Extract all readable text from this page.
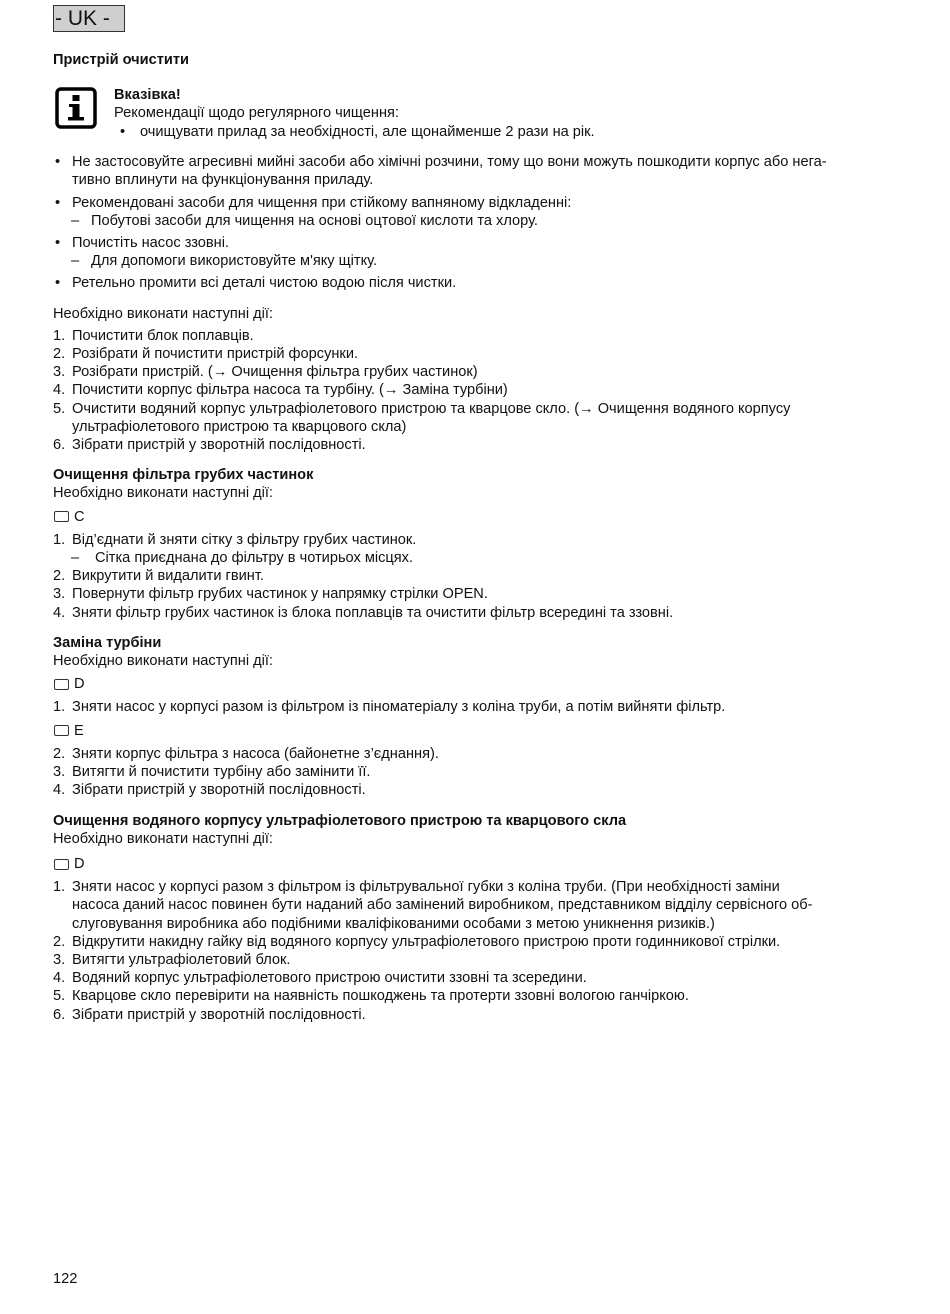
- UK -

Пристрій очистити

Вказівка!
Рекомендації щодо регулярного чищення:
• очищувати прилад за необхідності, але щонайменше 2 рази на рік.
• Не застосовуйте агресивні мийні засоби або хімічні розчини, тому що вони можуть пошкодити корпус або нега-
тивно вплинути на функціонування приладу.
• Рекомендовані засоби для чищення при стійкому вапняному відкладенні:
– Побутові засоби для чищення на основі оцтової кислоти та хлору.
• Почистіть насос ззовні.
– Для допомоги використовуйте м'яку щітку.
• Ретельно промити всі деталі чистою водою після чистки.
Необхідно виконати наступні дії:
1. Почистити блок поплавців.
2. Розібрати й почистити пристрій форсунки.
3. Розібрати пристрій. (→ Очищення фільтра грубих частинок)
4. Почистити корпус фільтра насоса та турбіну. (→ Заміна турбіни)
5. Очистити водяний корпус ультрафіолетового пристрою та кварцове скло. (→ Очищення водяного корпусу
ультрафіолетового пристрою та кварцового скла)
6. Зібрати пристрій у зворотній послідовності.
Очищення фільтра грубих частинок
Необхідно виконати наступні дії:
C
1. Від’єднати й зняти сітку з фільтру грубих частинок.
– Сітка приєднана до фільтру в чотирьох місцях.
2. Викрутити й видалити гвинт.
3. Повернути фільтр грубих частинок у напрямку стрілки OPEN.
4. Зняти фільтр грубих частинок із блока поплавців та очистити фільтр всередині та ззовні.
Заміна турбіни
Необхідно виконати наступні дії:
D
1. Зняти насос у корпусі разом із фільтром із піноматеріалу з коліна труби, а потім вийняти фільтр.
E
2. Зняти корпус фільтра з насоса (байонетне з’єднання).
3. Витягти й почистити турбіну або замінити її.
4. Зібрати пристрій у зворотній послідовності.
Очищення водяного корпусу ультрафіолетового пристрою та кварцового скла
Необхідно виконати наступні дії:
D
1. Зняти насос у корпусі разом з фільтром із фільтрувальної губки з коліна труби. (При необхідності заміни
насоса даний насос повинен бути наданий або замінений виробником, представником відділу сервісного об-
слуговування виробника або подібними кваліфікованими особами з метою уникнення ризиків.)
2. Відкрутити накидну гайку від водяного корпусу ультрафіолетового пристрою проти годинникової стрілки.
3. Витягти ультрафіолетовий блок.
4. Водяний корпус ультрафіолетового пристрою очистити ззовні та зсередини.
5. Кварцове скло перевірити на наявність пошкоджень та протерти ззовні вологою ганчіркою.
6. Зібрати пристрій у зворотній послідовності.
122
